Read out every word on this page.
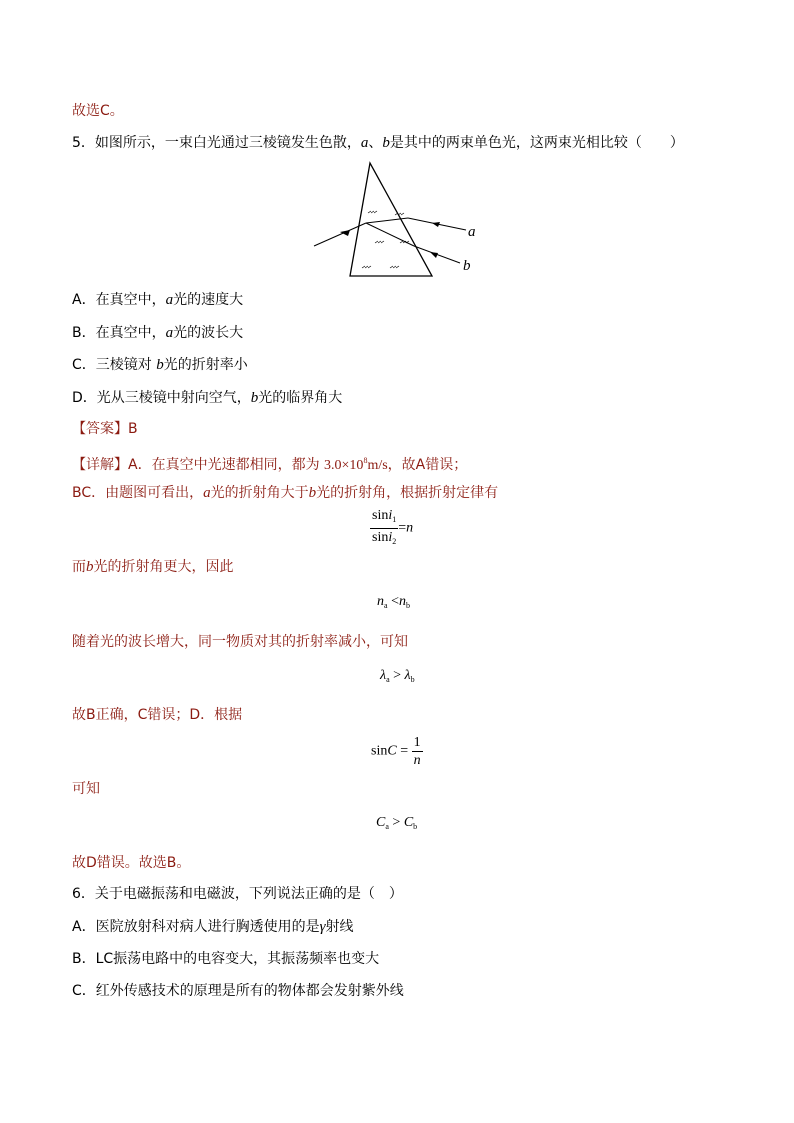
故选C。
5．如图所示，一束白光通过三棱镜发生色散，a、b是其中的两束单色光，这两束光相比较（　　）
a
b
A．在真空中，a光的速度大
B．在真空中，a光的波长大
C．三棱镜对 b光的折射率小
D．光从三棱镜中射向空气，b光的临界角大
【答案】B
【详解】A．在真空中光速都相同，都为 $3.0\times 10^8m/s$，故A错误；
BC．由题图可看出，a光的折射角大于b光的折射角，根据折射定律有
$\frac{\sin i_1}{\sin i_2} =n$
而b光的折射角更大，因此
$n_a <n_b$
随着光的波长增大，同一物质对其的折射率减小，可知
$\lambda_a > \lambda_b$
故B正确，C错误；D．根据
$\sin C = \frac{1}{n}$
可知
$C_a > C_b$
故D错误。故选B。
6．关于电磁振荡和电磁波，下列说法正确的是（　）
A．医院放射科对病人进行胸透使用的是γ射线
B．LC振荡电路中的电容变大，其振荡频率也变大
C．红外传感技术的原理是所有的物体都会发射紫外线
